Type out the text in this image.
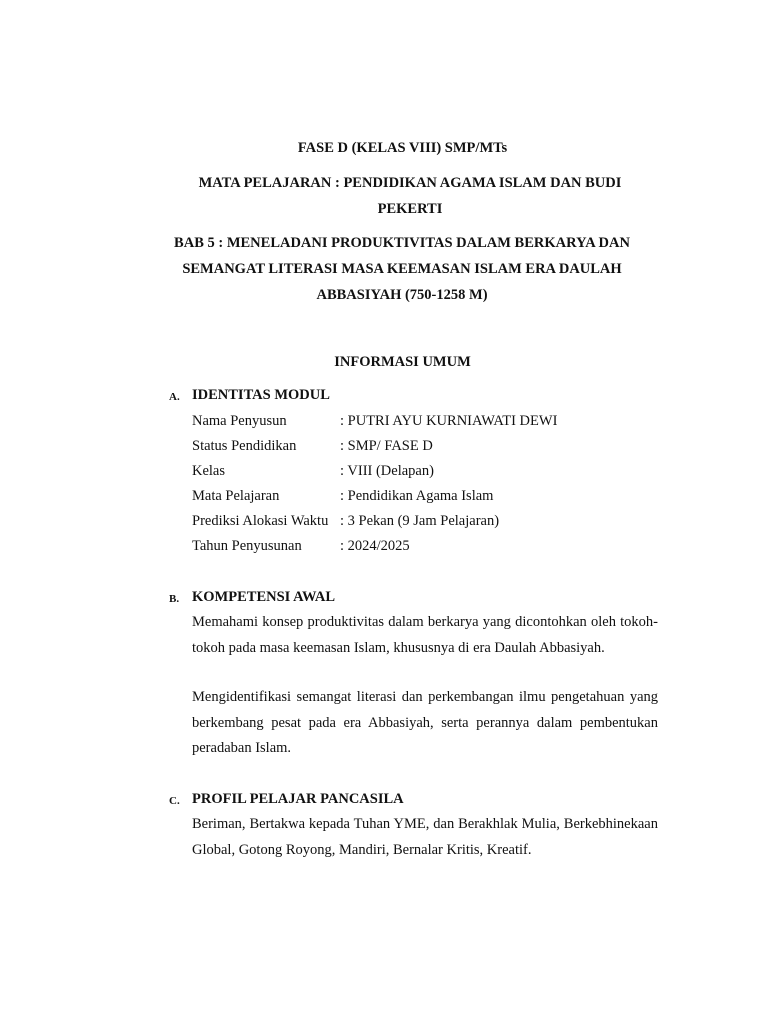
FASE D (KELAS VIII) SMP/MTs
MATA PELAJARAN : PENDIDIKAN AGAMA ISLAM DAN BUDI PEKERTI
BAB 5 : MENELADANI PRODUKTIVITAS DALAM BERKARYA DAN SEMANGAT LITERASI MASA KEEMASAN ISLAM ERA DAULAH ABBASIYAH (750-1258 M)
INFORMASI UMUM
A. IDENTITAS MODUL
Nama Penyusun	: PUTRI AYU KURNIAWATI DEWI
Status Pendidikan	: SMP/ FASE D
Kelas	: VIII (Delapan)
Mata Pelajaran	: Pendidikan Agama Islam
Prediksi Alokasi Waktu : 3 Pekan (9 Jam Pelajaran)
Tahun Penyusunan	: 2024/2025
B. KOMPETENSI AWAL
Memahami konsep produktivitas dalam berkarya yang dicontohkan oleh tokoh-tokoh pada masa keemasan Islam, khususnya di era Daulah Abbasiyah.
Mengidentifikasi semangat literasi dan perkembangan ilmu pengetahuan yang berkembang pesat pada era Abbasiyah, serta perannya dalam pembentukan peradaban Islam.
C. PROFIL PELAJAR PANCASILA
Beriman, Bertakwa kepada Tuhan YME, dan Berakhlak Mulia, Berkebhinekaan Global, Gotong Royong, Mandiri, Bernalar Kritis, Kreatif.
